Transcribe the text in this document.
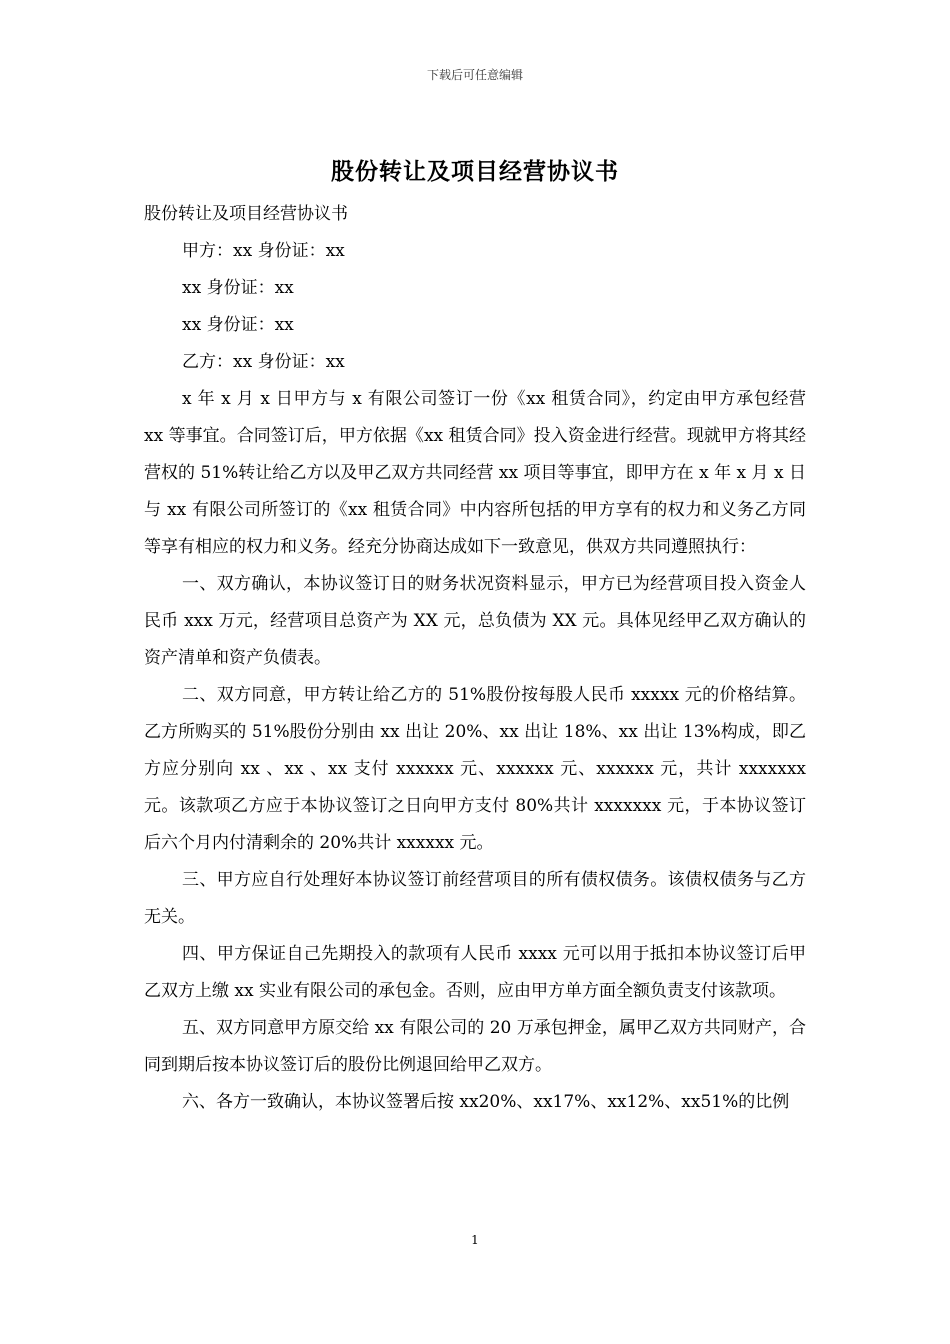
下载后可任意编辑
股份转让及项目经营协议书

股份转让及项目经营协议书

甲方：xx 身份证：xx

xx 身份证：xx

xx 身份证：xx

乙方：xx 身份证：xx

x 年 x 月 x 日甲方与 x 有限公司签订一份《xx 租赁合同》，约定由甲方承包经营 xx 等事宜。合同签订后，甲方依据《xx 租赁合同》投入资金进行经营。现就甲方将其经营权的 51%转让给乙方以及甲乙双方共同经营 xx 项目等事宜，即甲方在 x 年 x 月 x 日与 xx 有限公司所签订的《xx 租赁合同》中内容所包括的甲方享有的权力和义务乙方同等享有相应的权力和义务。经充分协商达成如下一致意见，供双方共同遵照执行：

一、双方确认，本协议签订日的财务状况资料显示，甲方已为经营项目投入资金人民币 xxx 万元，经营项目总资产为 XX 元，总负债为 XX 元。具体见经甲乙双方确认的资产清单和资产负债表。

二、双方同意，甲方转让给乙方的 51%股份按每股人民币 xxxxx 元的价格结算。乙方所购买的 51%股份分别由 xx 出让 20%、xx 出让 18%、xx 出让 13%构成，即乙方应分别向 xx 、xx 、xx 支付 xxxxxx 元、xxxxxx 元、xxxxxx 元，共计 xxxxxxx 元。该款项乙方应于本协议签订之日向甲方支付 80%共计 xxxxxxx 元，于本协议签订后六个月内付清剩余的 20%共计 xxxxxx 元。

三、甲方应自行处理好本协议签订前经营项目的所有债权债务。该债权债务与乙方无关。

四、甲方保证自己先期投入的款项有人民币 xxxx 元可以用于抵扣本协议签订后甲乙双方上缴 xx 实业有限公司的承包金。否则，应由甲方单方面全额负责支付该款项。

五、双方同意甲方原交给 xx 有限公司的 20 万承包押金，属甲乙双方共同财产，合同到期后按本协议签订后的股份比例退回给甲乙双方。

六、各方一致确认，本协议签署后按 xx20%、xx17%、xx12%、xx51%的比例

1
